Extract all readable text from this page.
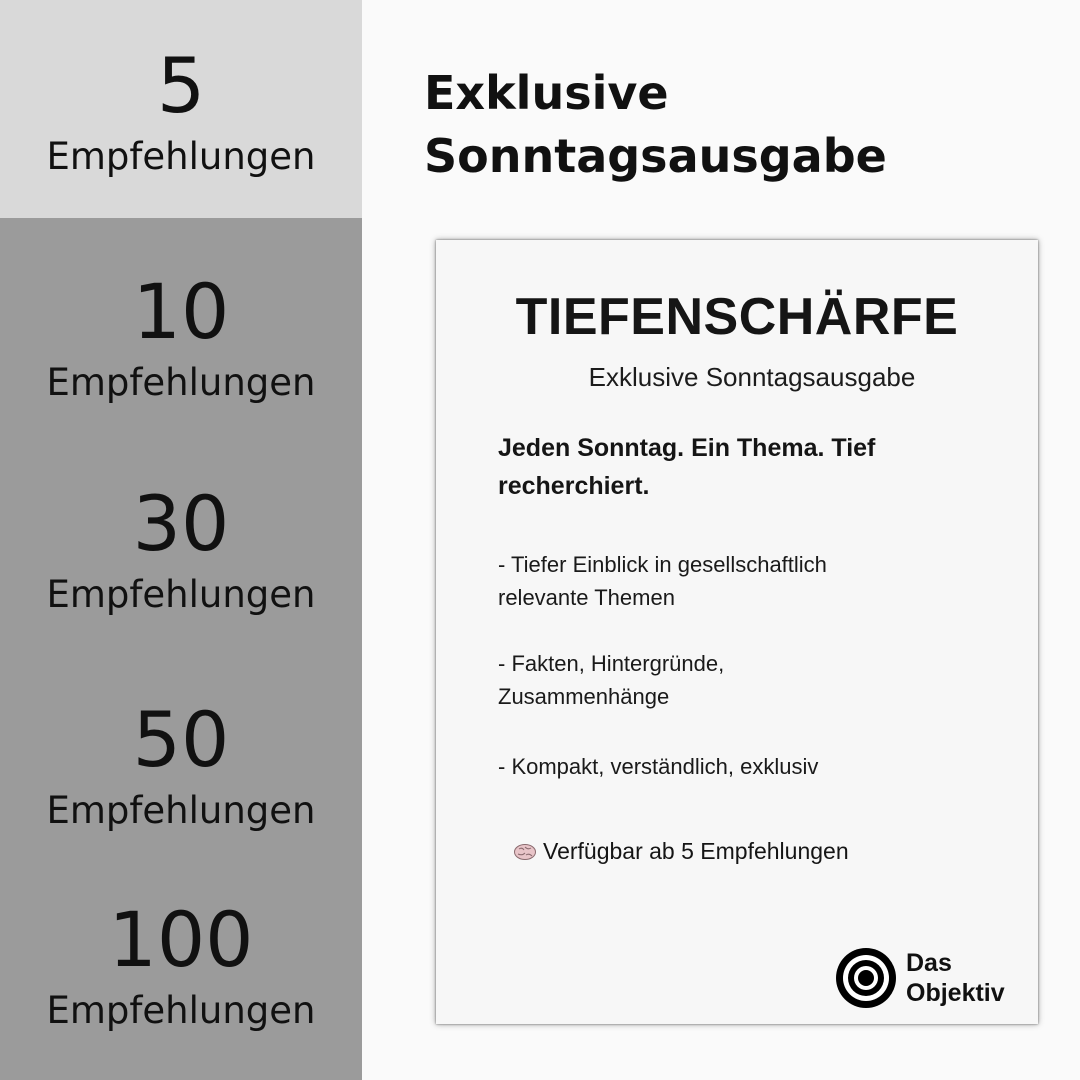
5
Empfehlungen
10
Empfehlungen
30
Empfehlungen
50
Empfehlungen
100
Empfehlungen
Exklusive
Sonntagsausgabe
TIEFENSCHÄRFE
Exklusive Sonntagsausgabe
Jeden Sonntag. Ein Thema. Tief
recherchiert.
- Tiefer Einblick in gesellschaftlich
relevante Themen
- Fakten, Hintergründe,
Zusammenhänge
- Kompakt, verständlich, exklusiv
Verfügbar ab 5 Empfehlungen
Das
Objektiv
